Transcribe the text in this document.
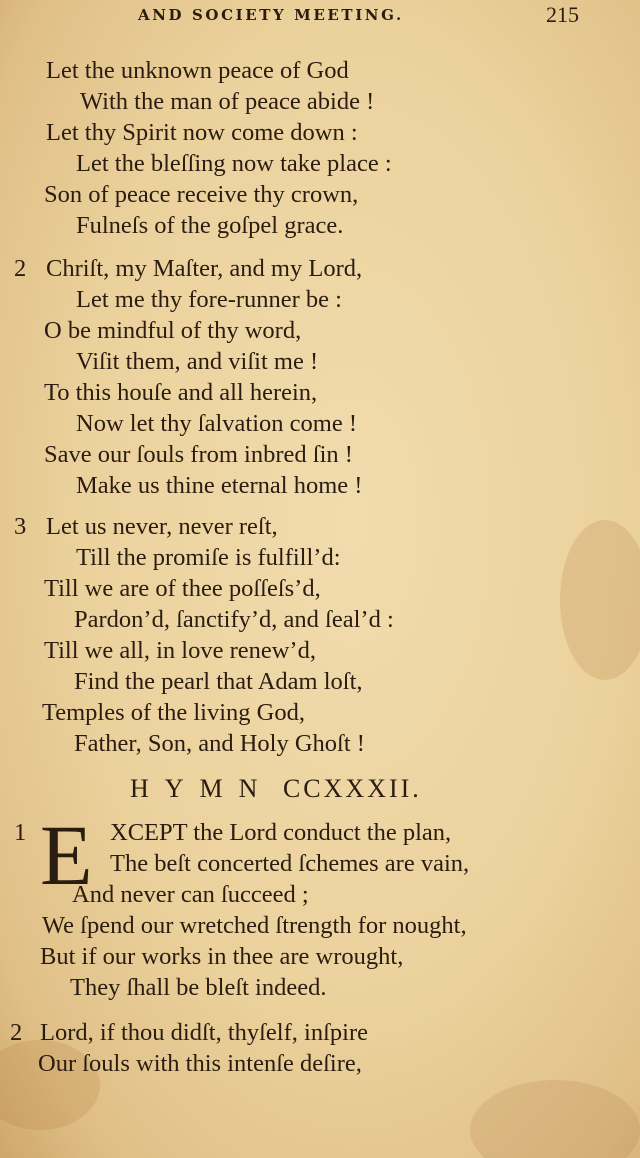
AND SOCIETY MEETING.	215
Let the unknown peace of God
With the man of peace abide !
Let thy Spirit now come down :
Let the bleſſing now take place :
Son of peace receive thy crown,
Fulneſs of the goſpel grace.
2 Chriſt, my Maſter, and my Lord,
Let me thy fore-runner be :
O be mindful of thy word,
Viſit them, and viſit me !
To this houſe and all herein,
Now let thy ſalvation come !
Save our ſouls from inbred ſin !
Make us thine eternal home !
3 Let us never, never reſt,
Till the promiſe is fulfill’d:
Till we are of thee poſſeſs’d,
Pardon’d, ſanctify’d, and ſeal’d :
Till we all, in love renew’d,
Find the pearl that Adam loſt,
Temples of the living God,
Father, Son, and Holy Ghoſt !
HYMN CCXXXII.
1 E XCEPT the Lord conduct the plan,
The beſt concerted ſchemes are vain,
And never can ſucceed ;
We ſpend our wretched ſtrength for nought,
But if our works in thee are wrought,
They ſhall be bleſt indeed.
2 Lord, if thou didſt, thyſelf, inſpire
Our ſouls with this intenſe deſire,
